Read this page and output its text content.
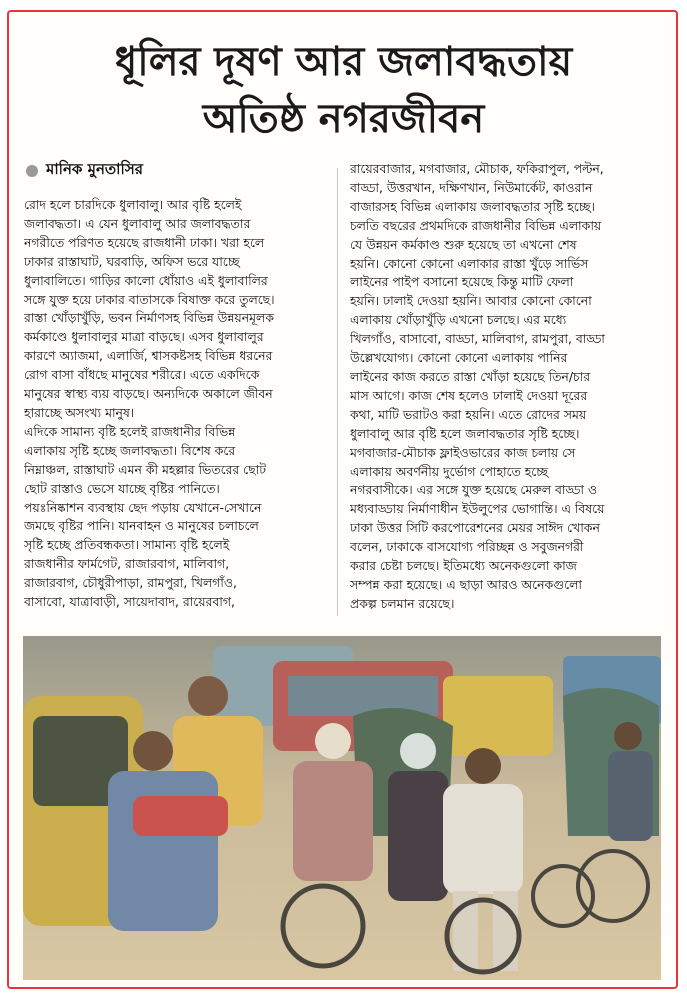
ধূলির দূষণ আর জলাবদ্ধতায়
অতিষ্ঠ নগরজীবন
মানিক মুনতাসির
রোদ হলে চারদিকে ধুলাবালু। আর বৃষ্টি হলেই
জলাবদ্ধতা। এ যেন ধুলাবালু আর জলাবদ্ধতার
নগরীতে পরিণত হয়েছে রাজধানী ঢাকা। খরা হলে
ঢাকার রাস্তাঘাট, ঘরবাড়ি, অফিস ভরে যাচ্ছে
ধুলাবালিতে। গাড়ির কালো ধোঁয়াও এই ধুলাবালির
সঙ্গে যুক্ত হয়ে ঢাকার বাতাসকে বিষাক্ত করে তুলছে।
রাস্তা খোঁড়াখুঁড়ি, ভবন নির্মাণসহ বিভিন্ন উন্নয়নমূলক
কর্মকাণ্ডে ধুলাবালুর মাত্রা বাড়ছে। এসব ধুলাবালুর
কারণে অ্যাজমা, এলার্জি, শ্বাসকষ্টসহ বিভিন্ন ধরনের
রোগ বাসা বাঁধছে মানুষের শরীরে। এতে একদিকে
মানুষের স্বাস্থ্য ব্যয় বাড়ছে। অন্যদিকে অকালে জীবন
হারাচ্ছে অসংখ্য মানুষ।
এদিকে সামান্য বৃষ্টি হলেই রাজধানীর বিভিন্ন
এলাকায় সৃষ্টি হচ্ছে জলাবদ্ধতা। বিশেষ করে
নিম্নাঞ্চল, রাস্তাঘাট এমন কী মহল্লার ভিতরের ছোট
ছোট রাস্তাও ভেসে যাচ্ছে বৃষ্টির পানিতে।
পয়ঃনিষ্কাশন ব্যবস্থায় ছেদ পড়ায় যেখানে-সেখানে
জমছে বৃষ্টির পানি। যানবাহন ও মানুষের চলাচলে
সৃষ্টি হচ্ছে প্রতিবন্ধকতা। সামান্য বৃষ্টি হলেই
রাজধানীর ফার্মগেট, রাজারবাগ, মালিবাগ,
রাজারবাগ, চৌধুরীপাড়া, রামপুরা, খিলগাঁও,
বাসাবো, যাত্রাবাড়ী, সায়েদাবাদ, রায়েরবাগ,
রায়েরবাজার, মগবাজার, মৌচাক, ফকিরাপুল, পল্টন,
বাড্ডা, উত্তরখান, দক্ষিণখান, নিউমার্কেট, কাওরান
বাজারসহ বিভিন্ন এলাকায় জলাবদ্ধতার সৃষ্টি হচ্ছে।
চলতি বছরের প্রথমদিকে রাজধানীর বিভিন্ন এলাকায়
যে উন্নয়ন কর্মকাণ্ড শুরু হয়েছে তা এখনো শেষ
হয়নি। কোনো কোনো এলাকার রাস্তা খুঁড়ে সার্ভিস
লাইনের পাইপ বসানো হয়েছে কিন্তু মাটি ফেলা
হয়নি। ঢালাই দেওয়া হয়নি। আবার কোনো কোনো
এলাকায় খোঁড়াখুঁড়ি এখনো চলছে। এর মধ্যে
খিলগাঁও, বাসাবো, বাড্ডা, মালিবাগ, রামপুরা, বাড্ডা
উল্লেখযোগ্য। কোনো কোনো এলাকায় পানির
লাইনের কাজ করতে রাস্তা খোঁড়া হয়েছে তিন/চার
মাস আগে। কাজ শেষ হলেও ঢালাই দেওয়া দূরের
কথা, মাটি ভরাটও করা হয়নি। এতে রোদের সময়
ধুলাবালু আর বৃষ্টি হলে জলাবদ্ধতার সৃষ্টি হচ্ছে।
মগবাজার-মৌচাক ফ্লাইওভারের কাজ চলায় সে
এলাকায় অবর্ণনীয় দুর্ভোগ পোহাতে হচ্ছে
নগরবাসীকে। এর সঙ্গে যুক্ত হয়েছে মেরুল বাড্ডা ও
মধ্যবাড্ডায় নির্মাণাধীন ইউলুপের ভোগান্তি। এ বিষয়ে
ঢাকা উত্তর সিটি করপোরেশনের মেয়র সাঈদ খোকন
বলেন, ঢাকাকে বাসযোগ্য পরিচ্ছন্ন ও সবুজনগরী
করার চেষ্টা চলছে। ইতিমধ্যে অনেকগুলো কাজ
সম্পন্ন করা হয়েছে। এ ছাড়া আরও অনেকগুলো
প্রকল্প চলমান রয়েছে।
